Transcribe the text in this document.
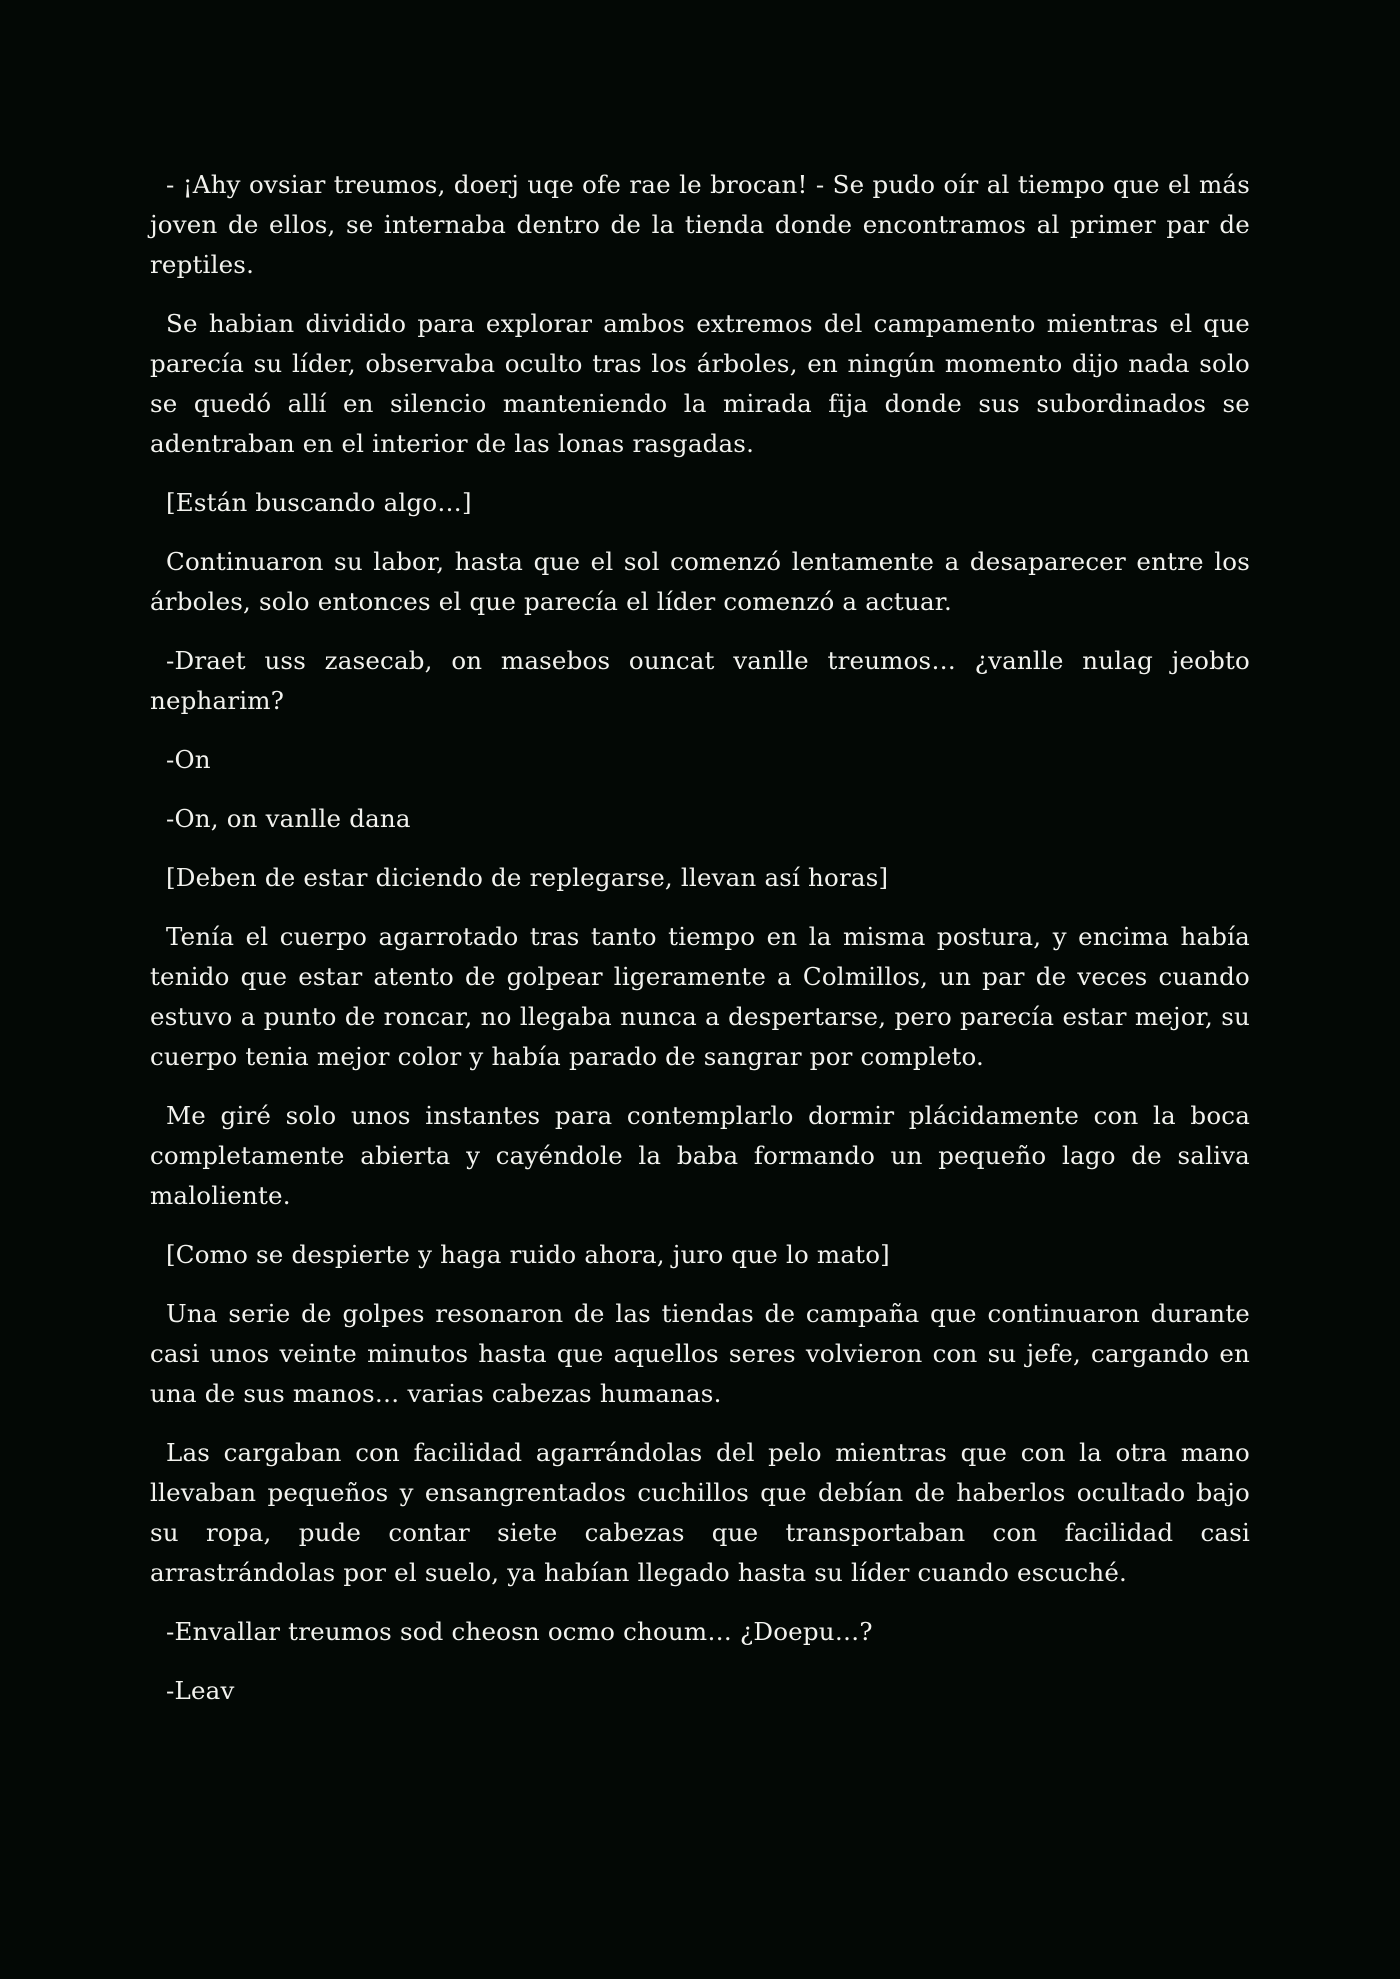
- ¡Ahy ovsiar treumos, doerj uqe ofe rae le brocan! - Se pudo oír al tiempo que el más joven de ellos, se internaba dentro de la tienda donde encontramos al primer par de reptiles.

Se habian dividido para explorar ambos extremos del campamento mientras el que parecía su líder, observaba oculto tras los árboles, en ningún momento dijo nada solo se quedó allí en silencio manteniendo la mirada fija donde sus subordinados se adentraban en el interior de las lonas rasgadas.

[Están buscando algo…]

Continuaron su labor, hasta que el sol comenzó lentamente a desaparecer entre los árboles, solo entonces el que parecía el líder comenzó a actuar.

-Draet uss zasecab, on masebos ouncat vanlle treumos… ¿vanlle nulag jeobto nepharim?

-On

-On, on vanlle dana

[Deben de estar diciendo de replegarse, llevan así horas]

Tenía el cuerpo agarrotado tras tanto tiempo en la misma postura, y encima había tenido que estar atento de golpear ligeramente a Colmillos, un par de veces cuando estuvo a punto de roncar, no llegaba nunca a despertarse, pero parecía estar mejor, su cuerpo tenia mejor color y había parado de sangrar por completo.

Me giré solo unos instantes para contemplarlo dormir plácidamente con la boca completamente abierta y cayéndole la baba formando un pequeño lago de saliva maloliente.

[Como se despierte y haga ruido ahora, juro que lo mato]

Una serie de golpes resonaron de las tiendas de campaña que continuaron durante casi unos veinte minutos hasta que aquellos seres volvieron con su jefe, cargando en una de sus manos… varias cabezas humanas.

Las cargaban con facilidad agarrándolas del pelo mientras que con la otra mano llevaban pequeños y ensangrentados cuchillos que debían de haberlos ocultado bajo su ropa, pude contar siete cabezas que transportaban con facilidad casi arrastrándolas por el suelo, ya habían llegado hasta su líder cuando escuché.

-Envallar treumos sod cheosn ocmo choum… ¿Doepu…?

-Leav
